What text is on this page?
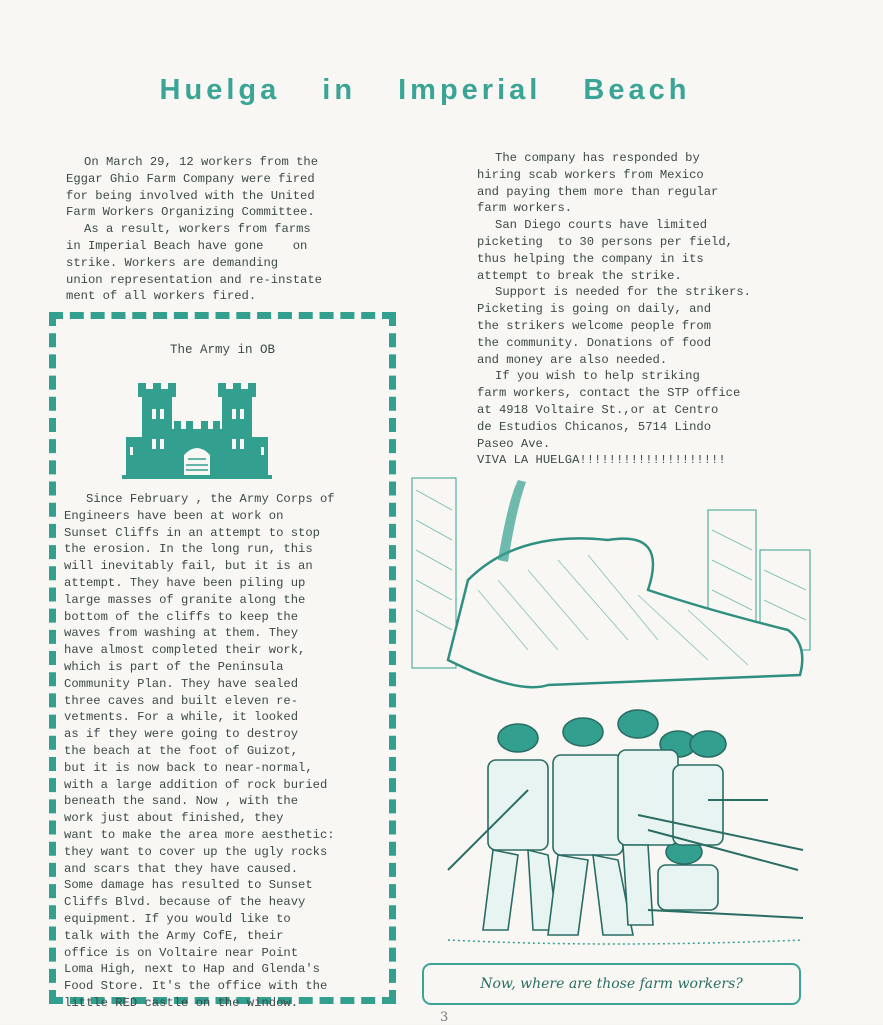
Huelga in Imperial Beach
On March 29, 12 workers from the
Eggar Ghio Farm Company were fired
for being involved with the United
Farm Workers Organizing Committee.
As a result, workers from farms
in Imperial Beach have gone    on
strike. Workers are demanding
union representation and re-instate
ment of all workers fired.
The company has responded by
hiring scab workers from Mexico
and paying them more than regular
farm workers.
San Diego courts have limited
picketing  to 30 persons per field,
thus helping the company in its
attempt to break the strike.
Support is needed for the strikers.
Picketing is going on daily, and
the strikers welcome people from
the community. Donations of food
and money are also needed.
If you wish to help striking
farm workers, contact the STP office
at 4918 Voltaire St.,or at Centro
de Estudios Chicanos, 5714 Lindo
Paseo Ave.
VIVA LA HUELGA!!!!!!!!!!!!!!!!!!!!
The Army in OB
Since February , the Army Corps of
Engineers have been at work on
Sunset Cliffs in an attempt to stop
the erosion. In the long run, this
will inevitably fail, but it is an
attempt. They have been piling up
large masses of granite along the
bottom of the cliffs to keep the
waves from washing at them. They
have almost completed their work,
which is part of the Peninsula
Community Plan. They have sealed
three caves and built eleven re-
vetments. For a while, it looked
as if they were going to destroy
the beach at the foot of Guizot,
but it is now back to near-normal,
with a large addition of rock buried
beneath the sand. Now , with the
work just about finished, they
want to make the area more aesthetic:
they want to cover up the ugly rocks
and scars that they have caused.
Some damage has resulted to Sunset
Cliffs Blvd. because of the heavy
equipment. If you would like to
talk with the Army CofE, their
office is on Voltaire near Point
Loma High, next to Hap and Glenda's
Food Store. It's the office with the
little RED castle on the window.
Now, where are those farm workers?
3
